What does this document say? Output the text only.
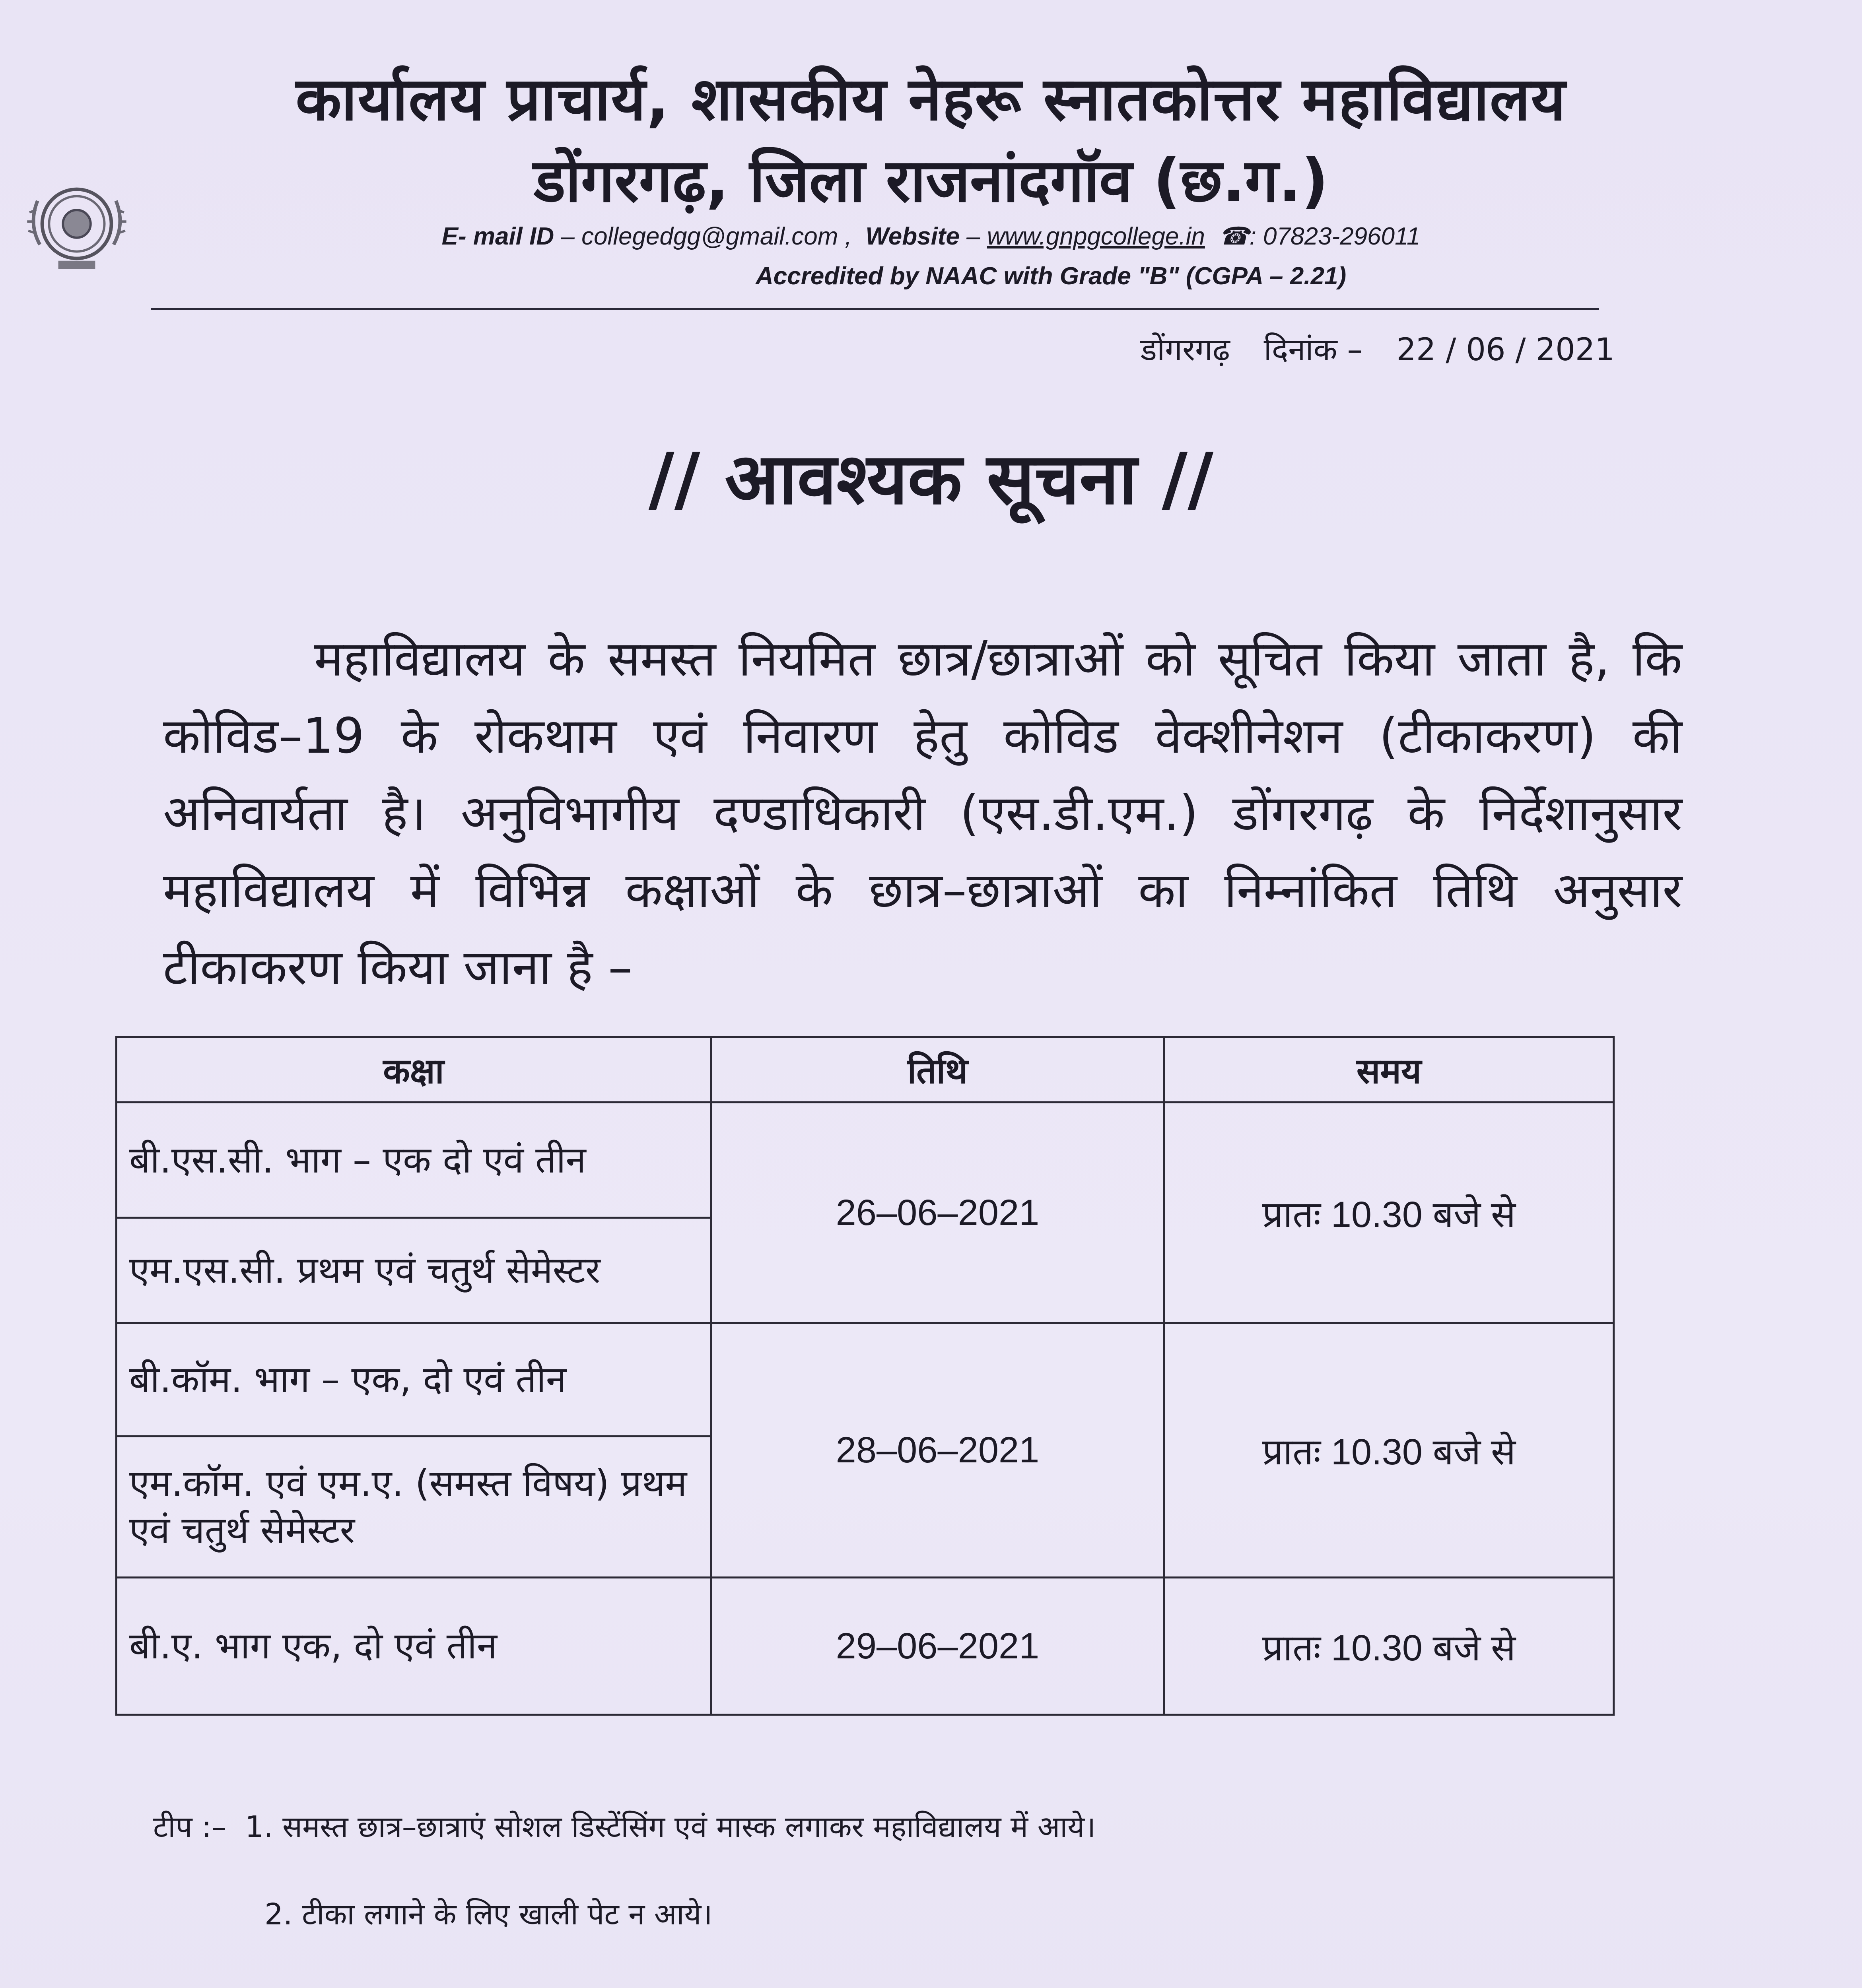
कार्यालय प्राचार्य, शासकीय नेहरू स्नातकोत्तर महाविद्यालय
डोंगरगढ़, जिला राजनांदगॉव (छ.ग.)
E- mail ID – collegedgg@gmail.com ,  Website – www.gnpgcollege.in ☎: 07823-296011
Accredited by NAAC with Grade "B" (CGPA – 2.21)
डोंगरगढ़ दिनांक – 22 / 06 / 2021
// आवश्यक सूचना //
महाविद्यालय के समस्त नियमित छात्र/छात्राओं को सूचित किया जाता है, कि कोविड–19 के रोकथाम एवं निवारण हेतु कोविड वेक्शीनेशन (टीकाकरण) की अनिवार्यता है। अनुविभागीय दण्डाधिकारी (एस.डी.एम.) डोंगरगढ़ के निर्देशानुसार महाविद्यालय में विभिन्न कक्षाओं के छात्र–छात्राओं का निम्नांकित तिथि अनुसार टीकाकरण किया जाना है –
कक्षा	तिथि	समय
बी.एस.सी. भाग – एक दो एवं तीन	26–06–2021	प्रातः 10.30 बजे से
एम.एस.सी. प्रथम एवं चतुर्थ सेमेस्टर		
बी.कॉम. भाग – एक, दो एवं तीन	28–06–2021	प्रातः 10.30 बजे से
एम.कॉम. एवं एम.ए. (समस्त विषय) प्रथम एवं चतुर्थ सेमेस्टर		
बी.ए. भाग एक, दो एवं तीन	29–06–2021	प्रातः 10.30 बजे से
टीप :– 1. समस्त छात्र–छात्राएं सोशल डिस्टेंसिंग एवं मास्क लगाकर महाविद्यालय में आये।
2. टीका लगाने के लिए खाली पेट न आये।
